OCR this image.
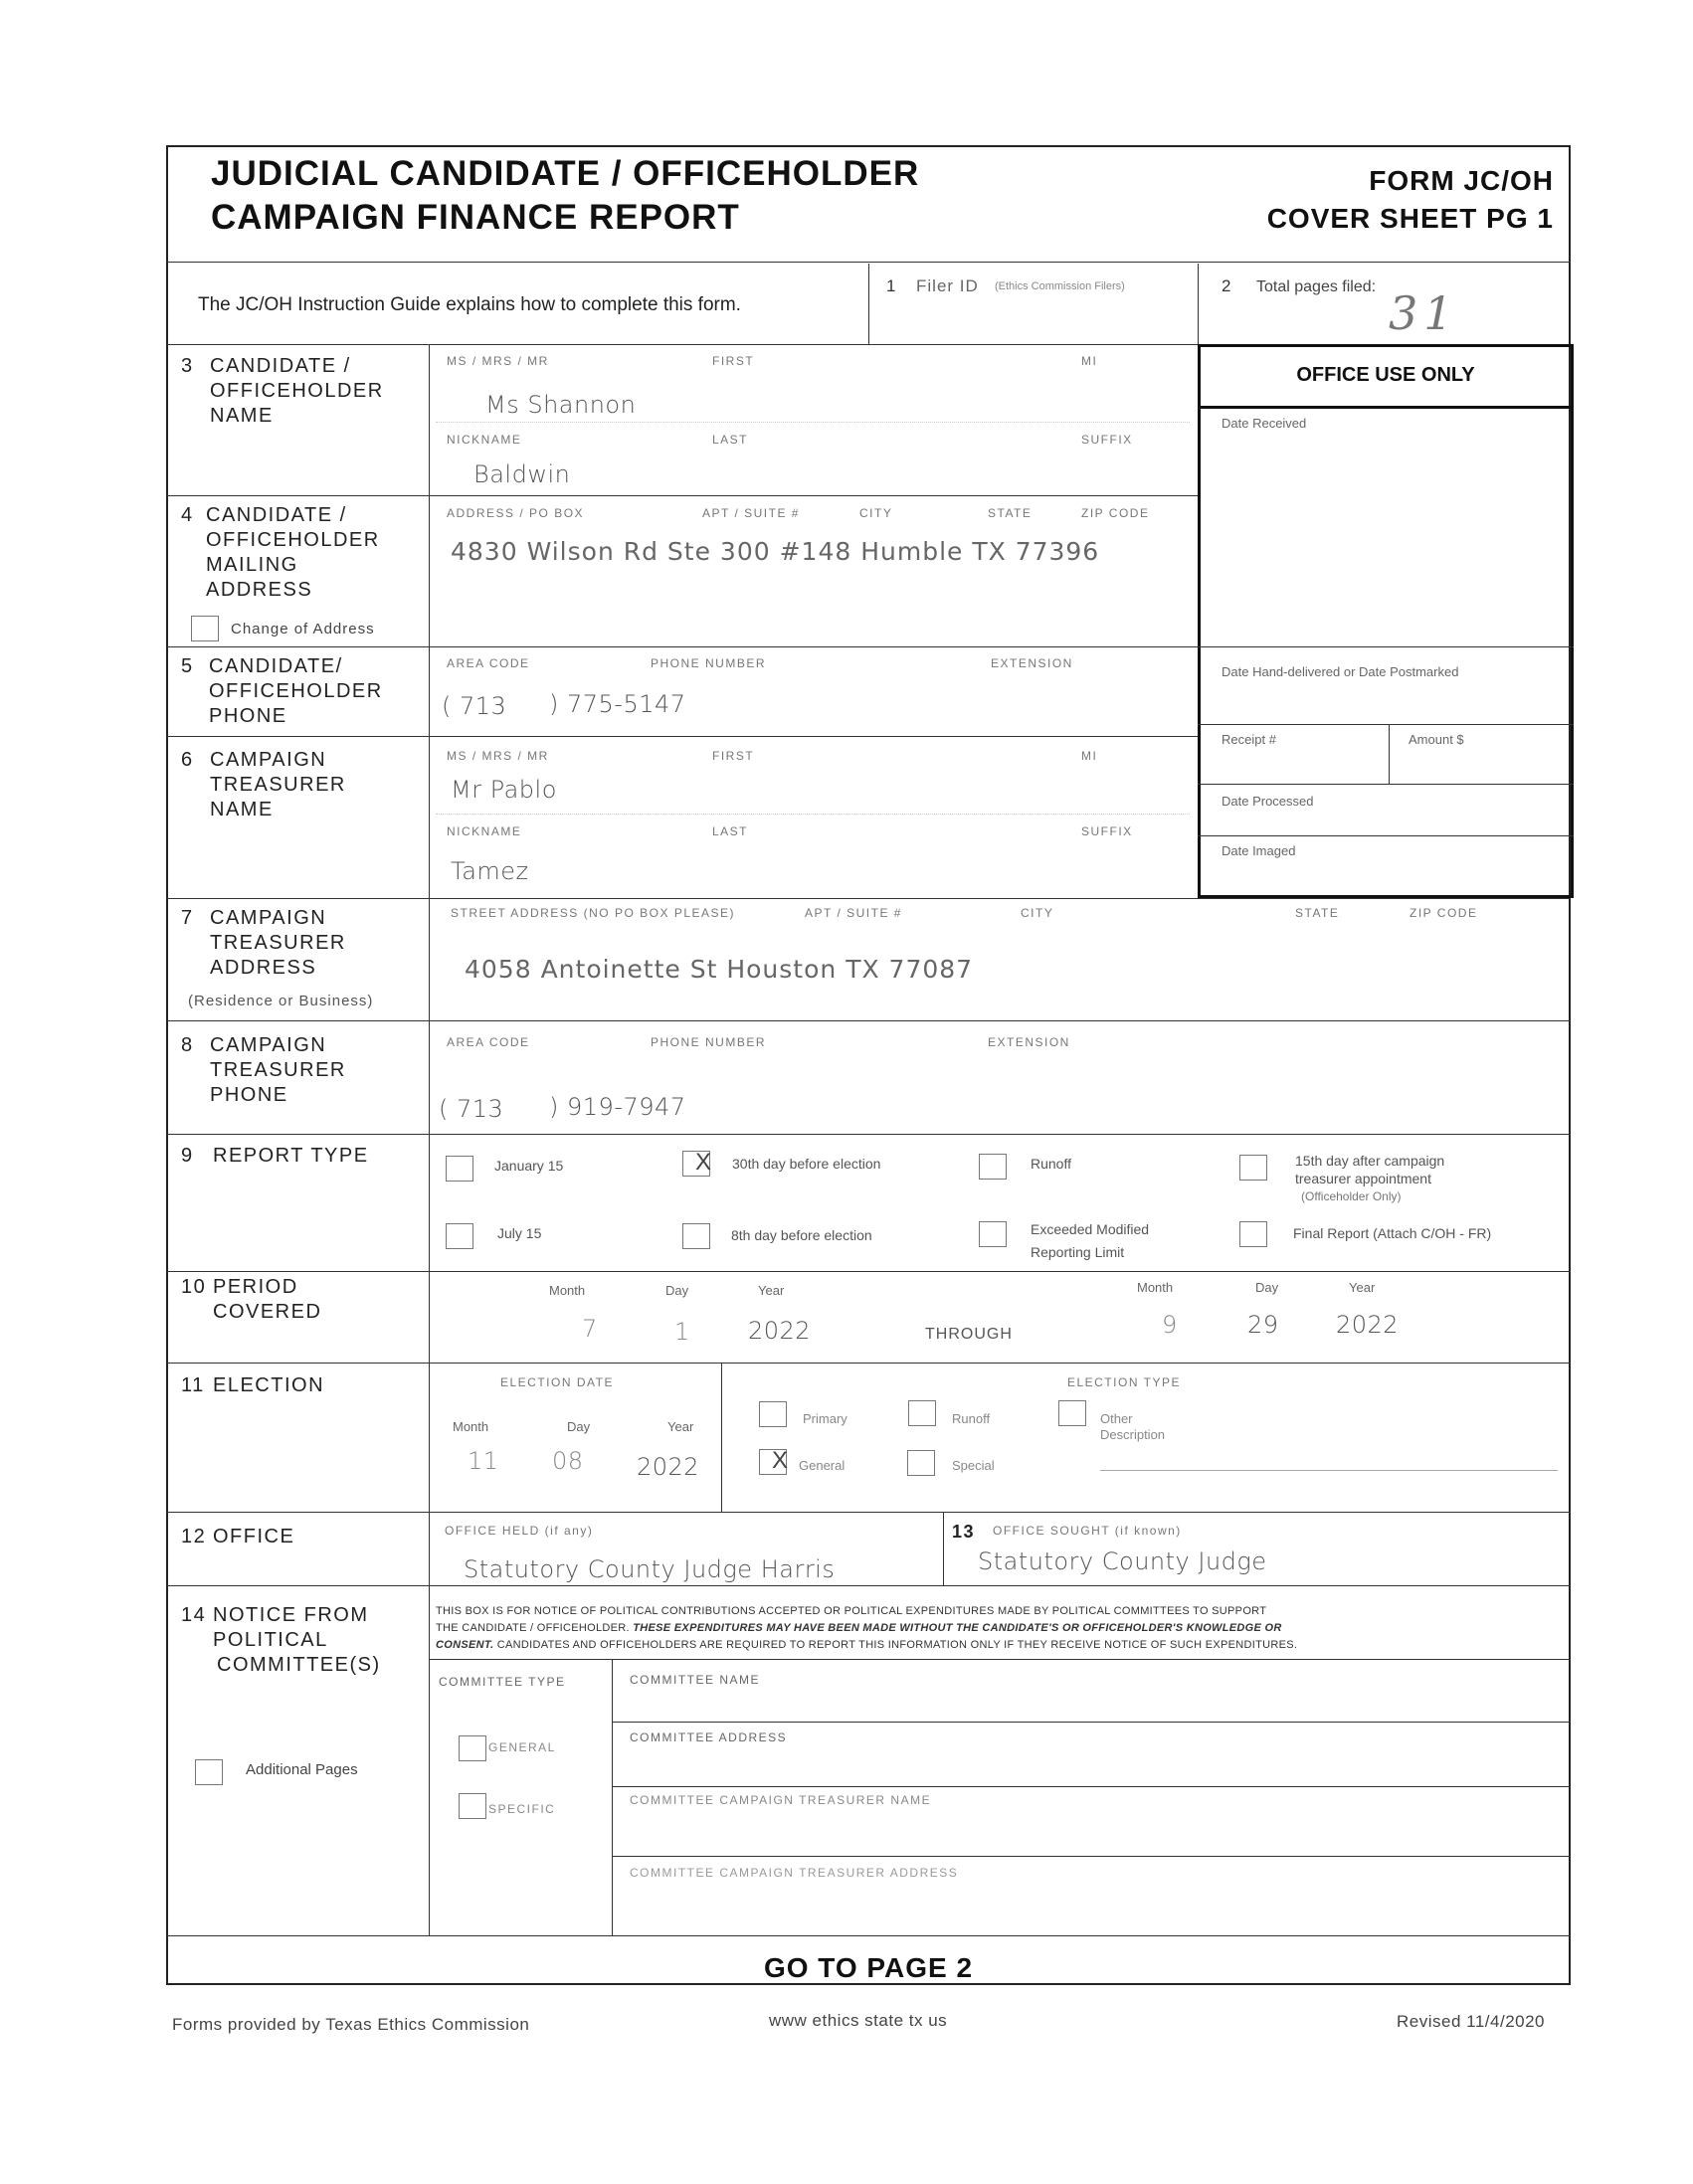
JUDICIAL CANDIDATE / OFFICEHOLDER
CAMPAIGN FINANCE REPORT
FORM JC/OH
COVER SHEET PG 1
The JC/OH Instruction Guide explains how to complete this form.
1 Filer ID (Ethics Commission Filers)	2 Total pages filed: 31
OFFICE USE ONLY
Date Received
Date Hand-delivered or Date Postmarked
Receipt #	Amount $
Date Processed
Date Imaged
3 CANDIDATE /
OFFICEHOLDER
NAME
MS / MRS / MR	FIRST	MI
Ms Shannon
NICKNAME	LAST	SUFFIX
Baldwin
4 CANDIDATE /
OFFICEHOLDER
MAILING
ADDRESS
Change of Address
ADDRESS / PO BOX	APT / SUITE #	CITY	STATE	ZIP CODE
4830 Wilson Rd Ste 300 #148 Humble TX 77396
5 CANDIDATE/
OFFICEHOLDER
PHONE
AREA CODE	PHONE NUMBER	EXTENSION
( 713 ) 775-5147
6 CAMPAIGN
TREASURER
NAME
MS / MRS / MR	FIRST	MI
Mr Pablo
NICKNAME	LAST	SUFFIX
Tamez
7 CAMPAIGN
TREASURER
ADDRESS
(Residence or Business)
STREET ADDRESS (NO PO BOX PLEASE)	APT / SUITE #	CITY	STATE	ZIP CODE
4058 Antoinette St Houston TX 77087
8 CAMPAIGN
TREASURER
PHONE
AREA CODE	PHONE NUMBER	EXTENSION
( 713 ) 919-7947
9 REPORT TYPE	January 15	X 30th day before election	Runoff	15th day after campaign
treasurer appointment
(Officeholder Only)
July 15	8th day before election	Exceeded Modified
Reporting Limit
Final Report (Attach C/OH - FR)
10 PERIOD
COVERED
Month	Day	Year	Month	Day	Year
7	1 2022	THROUGH	9	29 2022
11 ELECTION	ELECTION DATE	ELECTION TYPE
Month	Day	Year
11 08 2022
Primary	Runoff	Other
Description
X General	Special
12 OFFICE	OFFICE HELD (if any)
Statutory County Judge Harris
13 OFFICE SOUGHT (if known)
Statutory County Judge
14 NOTICE FROM
POLITICAL
COMMITTEE(S)
Additional Pages
THIS BOX IS FOR NOTICE OF POLITICAL CONTRIBUTIONS ACCEPTED OR POLITICAL EXPENDITURES MADE BY POLITICAL COMMITTEES TO SUPPORT
THE CANDIDATE / OFFICEHOLDER. THESE EXPENDITURES MAY HAVE BEEN MADE WITHOUT THE CANDIDATE'S OR OFFICEHOLDER'S KNOWLEDGE OR
CONSENT. CANDIDATES AND OFFICEHOLDERS ARE REQUIRED TO REPORT THIS INFORMATION ONLY IF THEY RECEIVE NOTICE OF SUCH EXPENDITURES.
COMMITTEE TYPE	COMMITTEE NAME
COMMITTEE ADDRESS
COMMITTEE CAMPAIGN TREASURER NAME
COMMITTEE CAMPAIGN TREASURER ADDRESS
GENERAL
SPECIFIC
GO TO PAGE 2
Forms provided by Texas Ethics Commission	www ethics state tx us	Revised 11/4/2020
